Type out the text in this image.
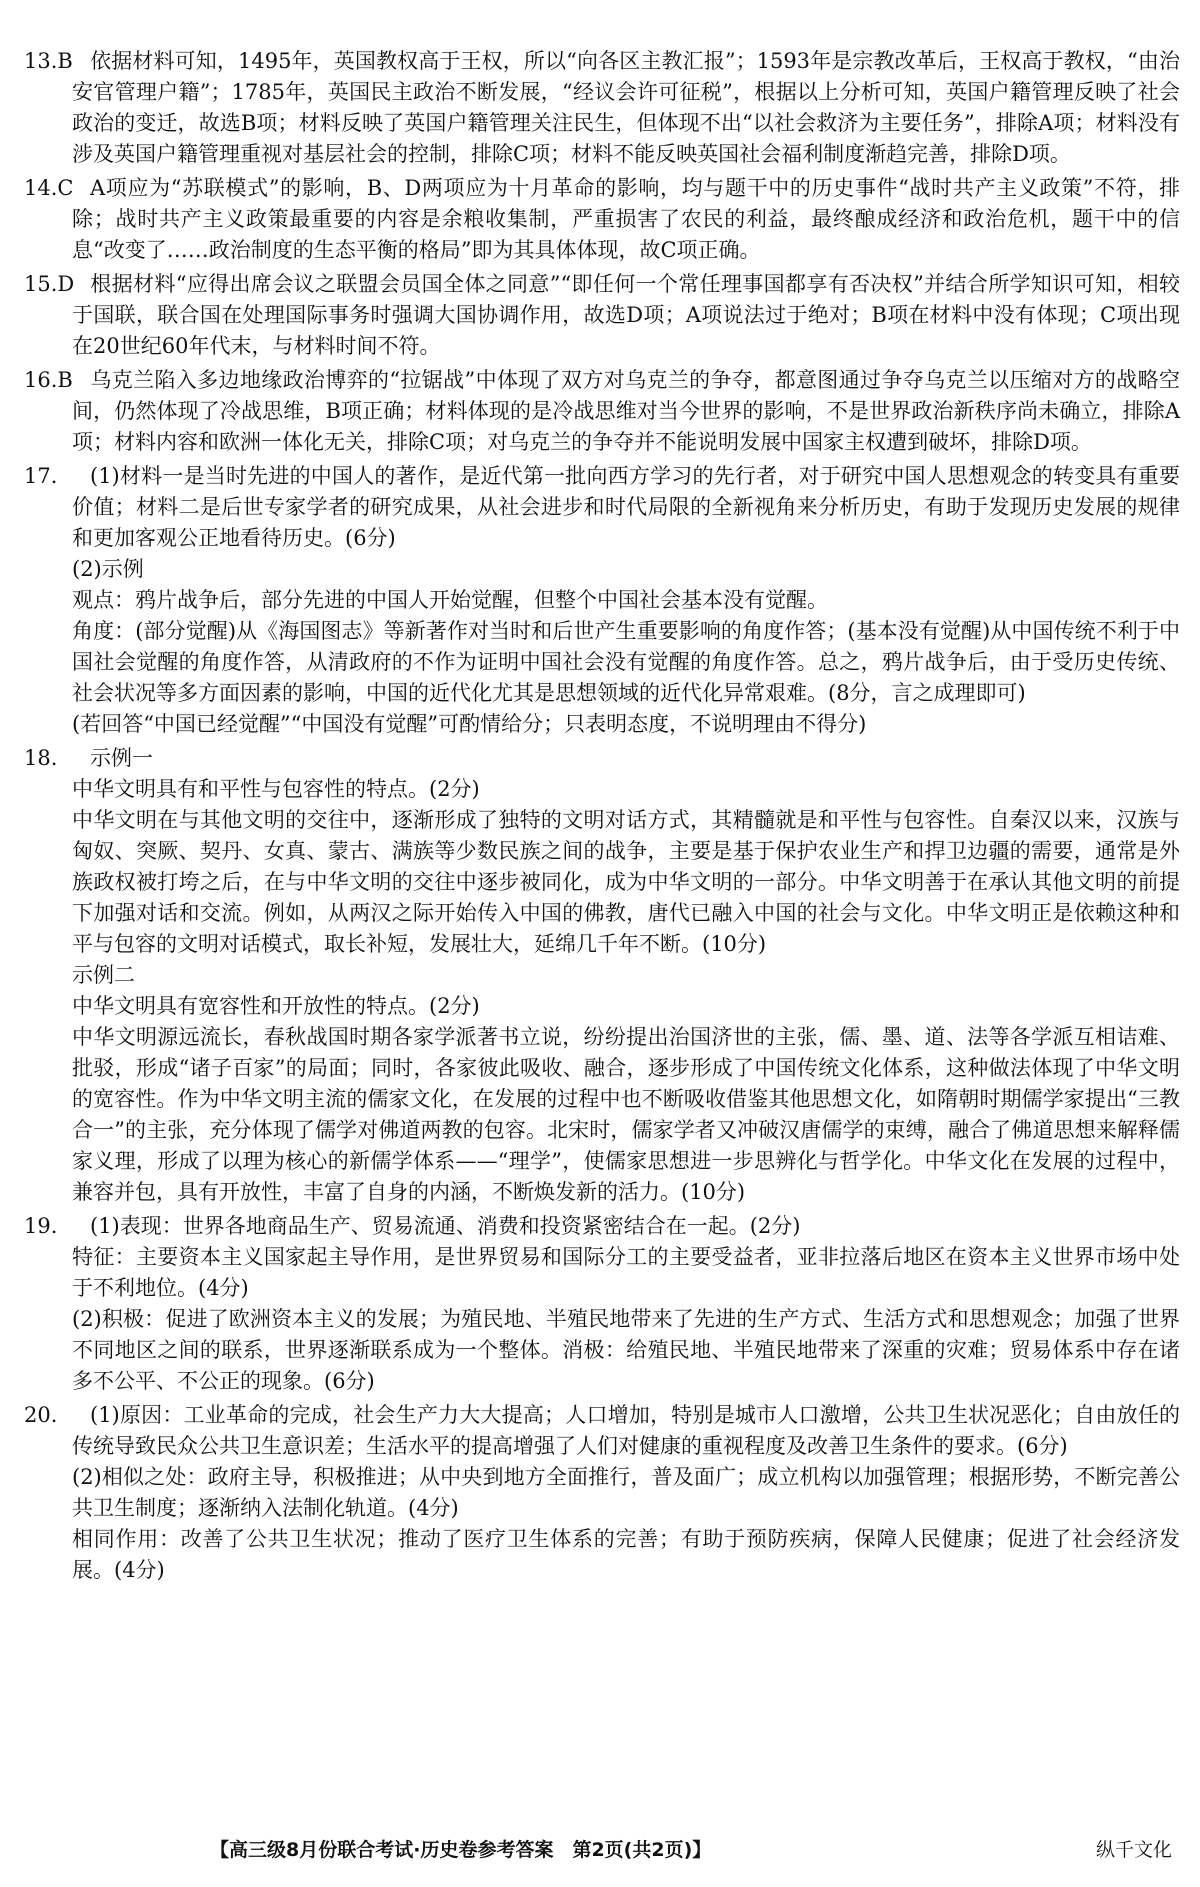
13.B 依据材料可知，1495年，英国教权高于王权，所以“向各区主教汇报”；1593年是宗教改革后，王权高于教权，“由治安官管理户籍”；1785年，英国民主政治不断发展，“经议会许可征税”，根据以上分析可知，英国户籍管理反映了社会政治的变迁，故选B项；材料反映了英国户籍管理关注民生，但体现不出“以社会救济为主要任务”，排除A项；材料没有涉及英国户籍管理重视对基层社会的控制，排除C项；材料不能反映英国社会福利制度渐趋完善，排除D项。
14.C A项应为“苏联模式”的影响，B、D两项应为十月革命的影响，均与题干中的历史事件“战时共产主义政策”不符，排除；战时共产主义政策最重要的内容是余粮收集制，严重损害了农民的利益，最终酿成经济和政治危机，题干中的信息“改变了……政治制度的生态平衡的格局”即为其具体体现，故C项正确。
15.D 根据材料“应得出席会议之联盟会员国全体之同意”“即任何一个常任理事国都享有否决权”并结合所学知识可知，相较于国联，联合国在处理国际事务时强调大国协调作用，故选D项；A项说法过于绝对；B项在材料中没有体现；C项出现在20世纪60年代末，与材料时间不符。
16.B 乌克兰陷入多边地缘政治博弈的“拉锯战”中体现了双方对乌克兰的争夺，都意图通过争夺乌克兰以压缩对方的战略空间，仍然体现了冷战思维，B项正确；材料体现的是冷战思维对当今世界的影响，不是世界政治新秩序尚未确立，排除A项；材料内容和欧洲一体化无关，排除C项；对乌克兰的争夺并不能说明发展中国家主权遭到破坏，排除D项。
17. (1)材料一是当时先进的中国人的著作，是近代第一批向西方学习的先行者，对于研究中国人思想观念的转变具有重要价值；材料二是后世专家学者的研究成果，从社会进步和时代局限的全新视角来分析历史，有助于发现历史发展的规律和更加客观公正地看待历史。(6分)
(2)示例
观点：鸦片战争后，部分先进的中国人开始觉醒，但整个中国社会基本没有觉醒。
角度：(部分觉醒)从《海国图志》等新著作对当时和后世产生重要影响的角度作答；(基本没有觉醒)从中国传统不利于中国社会觉醒的角度作答，从清政府的不作为证明中国社会没有觉醒的角度作答。总之，鸦片战争后，由于受历史传统、社会状况等多方面因素的影响，中国的近代化尤其是思想领域的近代化异常艰难。(8分，言之成理即可)
(若回答“中国已经觉醒”“中国没有觉醒”可酌情给分；只表明态度，不说明理由不得分)
18. 示例一
中华文明具有和平性与包容性的特点。(2分)
中华文明在与其他文明的交往中，逐渐形成了独特的文明对话方式，其精髓就是和平性与包容性。自秦汉以来，汉族与匈奴、突厥、契丹、女真、蒙古、满族等少数民族之间的战争，主要是基于保护农业生产和捍卫边疆的需要，通常是外族政权被打垮之后，在与中华文明的交往中逐步被同化，成为中华文明的一部分。中华文明善于在承认其他文明的前提下加强对话和交流。例如，从两汉之际开始传入中国的佛教，唐代已融入中国的社会与文化。中华文明正是依赖这种和平与包容的文明对话模式，取长补短，发展壮大，延绵几千年不断。(10分)
示例二
中华文明具有宽容性和开放性的特点。(2分)
中华文明源远流长，春秋战国时期各家学派著书立说，纷纷提出治国济世的主张，儒、墨、道、法等各学派互相诘难、批驳，形成“诸子百家”的局面；同时，各家彼此吸收、融合，逐步形成了中国传统文化体系，这种做法体现了中华文明的宽容性。作为中华文明主流的儒家文化，在发展的过程中也不断吸收借鉴其他思想文化，如隋朝时期儒学家提出“三教合一”的主张，充分体现了儒学对佛道两教的包容。北宋时，儒家学者又冲破汉唐儒学的束缚，融合了佛道思想来解释儒家义理，形成了以理为核心的新儒学体系——“理学”，使儒家思想进一步思辨化与哲学化。中华文化在发展的过程中，兼容并包，具有开放性，丰富了自身的内涵，不断焕发新的活力。(10分)
19. (1)表现：世界各地商品生产、贸易流通、消费和投资紧密结合在一起。(2分)
特征：主要资本主义国家起主导作用，是世界贸易和国际分工的主要受益者，亚非拉落后地区在资本主义世界市场中处于不利地位。(4分)
(2)积极：促进了欧洲资本主义的发展；为殖民地、半殖民地带来了先进的生产方式、生活方式和思想观念；加强了世界不同地区之间的联系，世界逐渐联系成为一个整体。消极：给殖民地、半殖民地带来了深重的灾难；贸易体系中存在诸多不公平、不公正的现象。(6分)
20. (1)原因：工业革命的完成，社会生产力大大提高；人口增加，特别是城市人口激增，公共卫生状况恶化；自由放任的传统导致民众公共卫生意识差；生活水平的提高增强了人们对健康的重视程度及改善卫生条件的要求。(6分)
(2)相似之处：政府主导，积极推进；从中央到地方全面推行，普及面广；成立机构以加强管理；根据形势，不断完善公共卫生制度；逐渐纳入法制化轨道。(4分)
相同作用：改善了公共卫生状况；推动了医疗卫生体系的完善；有助于预防疾病，保障人民健康；促进了社会经济发展。(4分)
【高三级8月份联合考试·历史卷参考答案　第2页(共2页)】	纵千文化
